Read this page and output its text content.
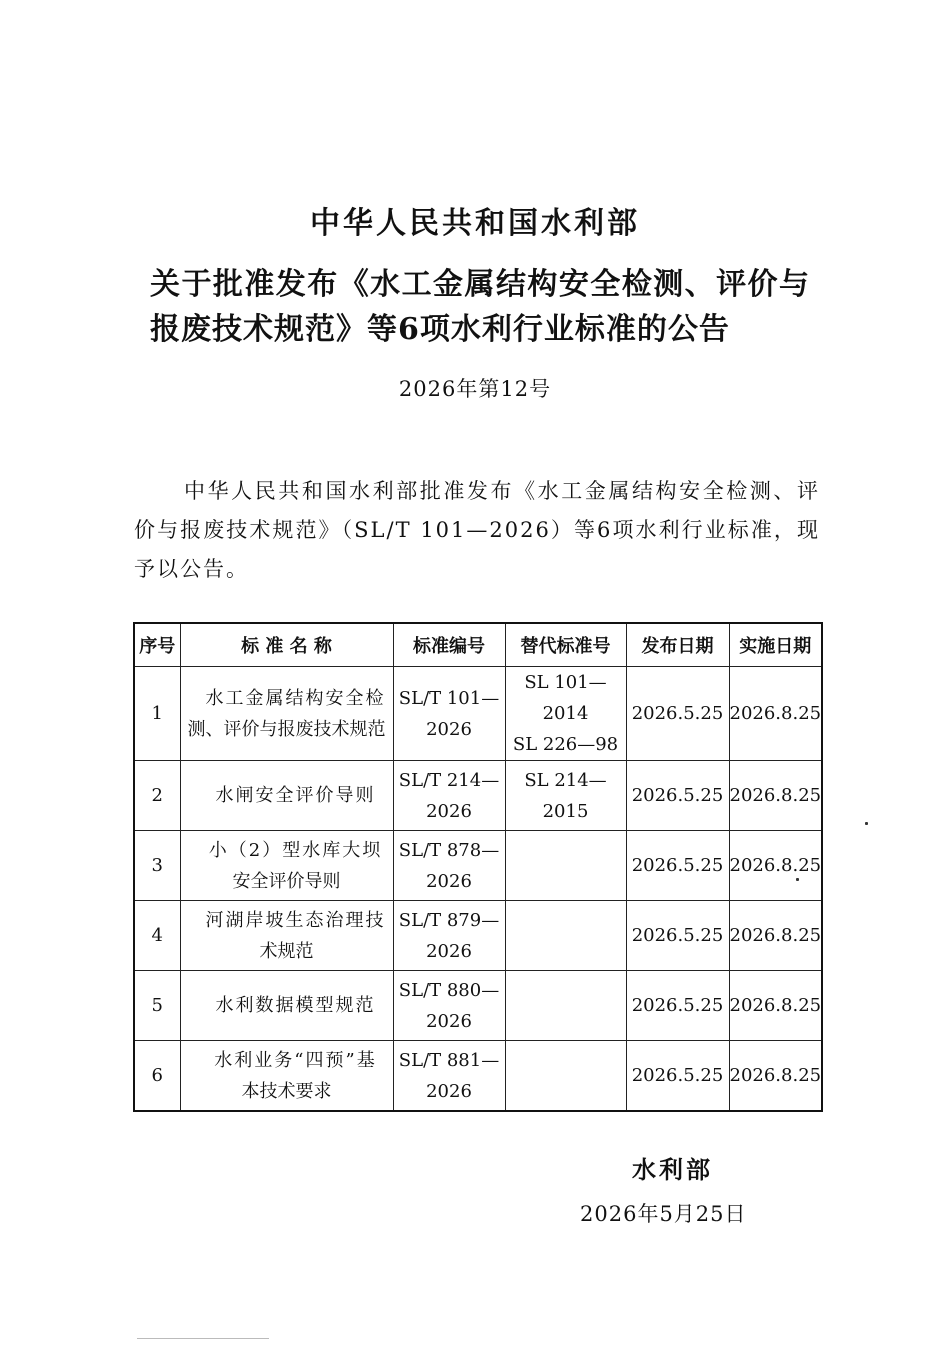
中华人民共和国水利部
关于批准发布《水工金属结构安全检测、评价与报废技术规范》等6项水利行业标准的公告
2026年第12号
中华人民共和国水利部批准发布《水工金属结构安全检测、评价与报废技术规范》（SL/T 101—2026）等6项水利行业标准，现予以公告。
序号	标 准 名 称	标准编号	替代标准号	发布日期	实施日期
1	水工金属结构安全检
测、评价与报废技术规范	SL/T 101—
2026	SL 101—2014
SL 226—98	2026.5.25	2026.8.25
2	水闸安全评价导则	SL/T 214—
2026	SL 214—2015	2026.5.25	2026.8.25
3	小（2）型水库大坝
安全评价导则	SL/T 878—
2026		2026.5.25	2026.8.25
4	河湖岸坡生态治理技
术规范	SL/T 879—
2026		2026.5.25	2026.8.25
5	水利数据模型规范	SL/T 880—
2026		2026.5.25	2026.8.25
6	水利业务“四预”基
本技术要求	SL/T 881—
2026		2026.5.25	2026.8.25
水利部
2026年5月25日
